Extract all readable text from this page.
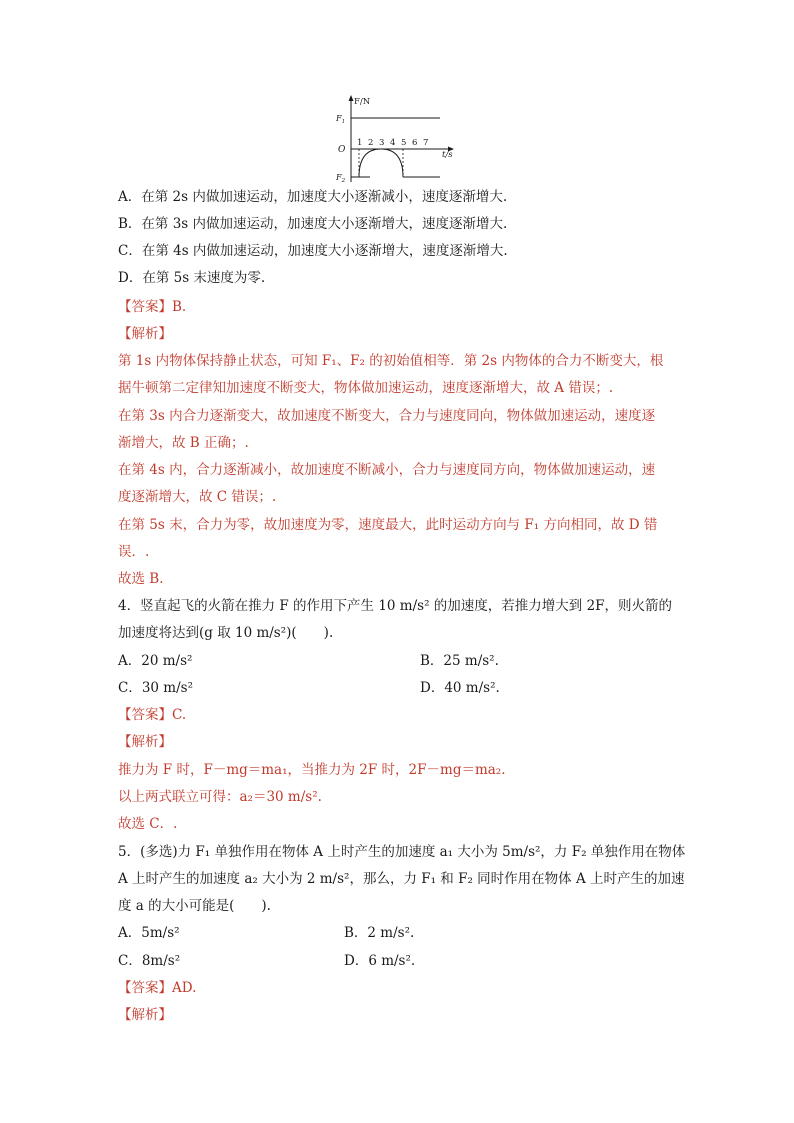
F/N
t/s
O
$F_1$
$F_2$
1 2 3 4 5 6 7
A．在第 2s 内做加速运动，加速度大小逐渐减小，速度逐渐增大.
B．在第 3s 内做加速运动，加速度大小逐渐增大，速度逐渐增大.
C．在第 4s 内做加速运动，加速度大小逐渐增大，速度逐渐增大.
D．在第 5s 末速度为零.
【答案】B.
【解析】
第 1s 内物体保持静止状态，可知 F₁、F₂ 的初始值相等．第 2s 内物体的合力不断变大，根
据牛顿第二定律知加速度不断变大，物体做加速运动，速度逐渐增大，故 A 错误；.
在第 3s 内合力逐渐变大，故加速度不断变大，合力与速度同向，物体做加速运动，速度逐
渐增大，故 B 正确；.
在第 4s 内，合力逐渐减小，故加速度不断减小，合力与速度同方向，物体做加速运动，速
度逐渐增大，故 C 错误；.
在第 5s 末，合力为零，故加速度为零，速度最大，此时运动方向与 F₁ 方向相同，故 D 错
误．.
故选 B.
4．竖直起飞的火箭在推力 F 的作用下产生 10 m/s² 的加速度，若推力增大到 2F，则火箭的
加速度将达到(g 取 10 m/s²)(　　).
A．20 m/s²	B．25 m/s².
C．30 m/s²	D．40 m/s².
【答案】C.
【解析】
推力为 F 时，F－mg＝ma₁，当推力为 2F 时，2F－mg＝ma₂.
以上两式联立可得：a₂＝30 m/s².
故选 C．.
5．(多选)力 F₁ 单独作用在物体 A 上时产生的加速度 a₁ 大小为 5m/s²，力 F₂ 单独作用在物体
A 上时产生的加速度 a₂ 大小为 2 m/s²，那么，力 F₁ 和 F₂ 同时作用在物体 A 上时产生的加速
度 a 的大小可能是(　　).
A．5m/s²	B．2 m/s².
C．8m/s²	D．6 m/s².
【答案】AD.
【解析】
